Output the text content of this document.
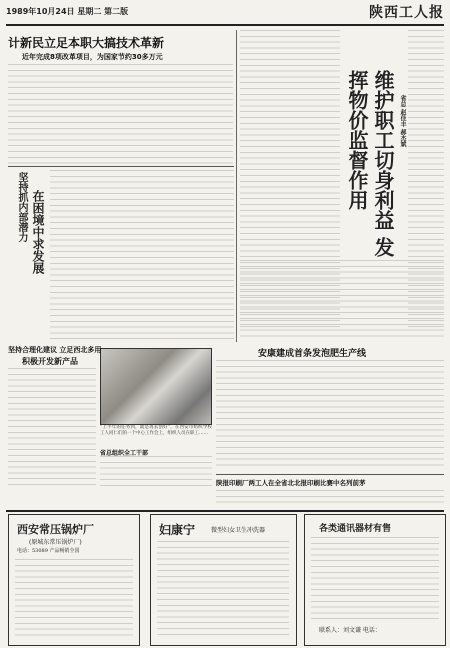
1989年10月24日 星期二 第二版	陕西工人报
计新民立足本职大搞技术革新
近年完成8项改革项目，为国家节约30多万元
维护职工切身利益 发挥物价监督作用	省总 赵佳丰 郝杰斌
坚持抓内部潜力 在困境中求发展
“上半年的任务到，就是再去创好”，在西安市纺织学校工人同仁们的一个中心工作会上，组织人员在职工……
坚持合理化建议 立足西北多用
积极开发新产品
省总组织全工干部
安康建成首条发泡肥生产线
陕报印刷厂两工人在全省北北报印刷比赛中名列前茅
西安常压锅炉厂
(原城东常压锅炉厂)
电话：53089 产品畅销全国
妇康宁	微型妇女卫生冲洗器	各类通讯器材有售
联系人：刘文谦 电话：
